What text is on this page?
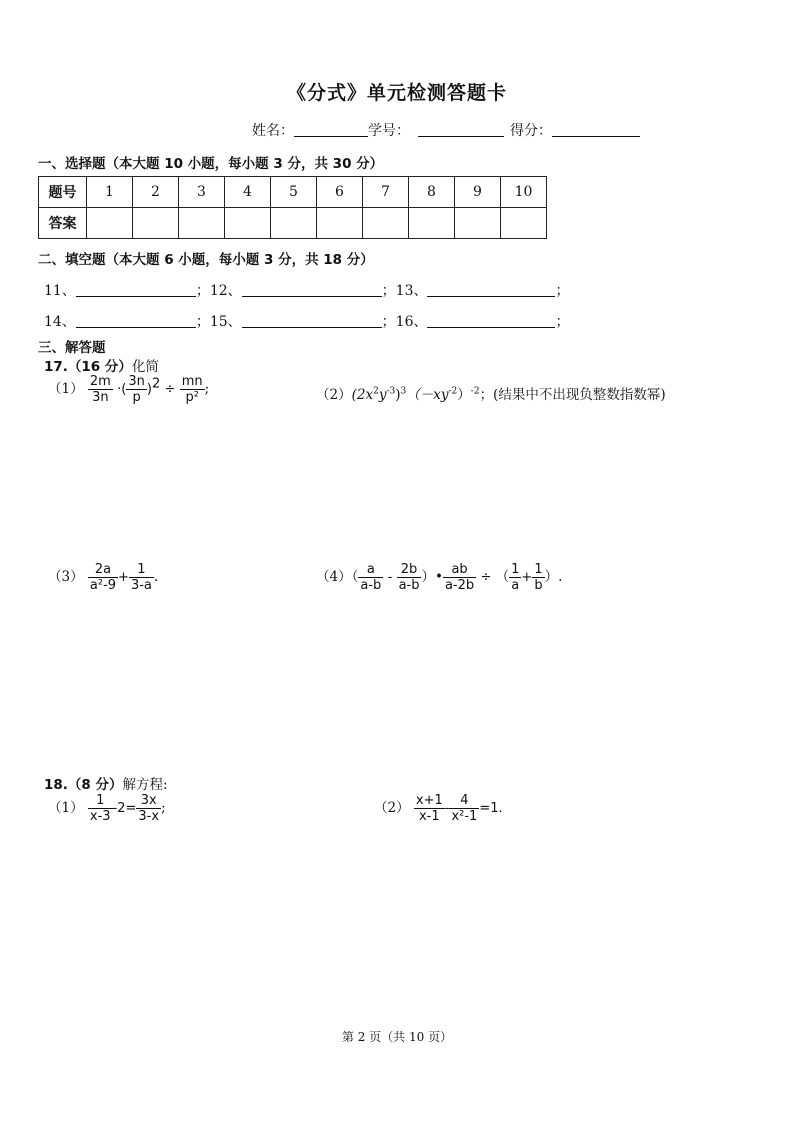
《分式》单元检测答题卡
姓名：	学号：	得分：
一、选择题（本大题 10 小题，每小题 3 分，共 30 分）
题号	1	2	3	4	5	6	7	8	9	10
答案										
二、填空题（本大题 6 小题，每小题 3 分，共 18 分）
11、	；12、	；13、	；
14、	；15、	；16、	；
三、解答题
17.（16 分）化简
$(1) \frac{2m}{3n}$ ·( $\frac{3n}{p} )^2 \div \frac{mn}{\text{p²}}$ ;	$(2)(2x^2y^{-3})^3(-xy^{-2})^{-2}$；(结果中不出现负整数指数幂)
$(3) \frac{2a}{\text{a²-9}} + \frac{1}{3-a}$ .	$(4)( \frac{a}{a-b} - \frac{2b}{a-b}$ ）• $\frac{ab}{a-2b}$ ÷ （ $\frac{1}{a} + \frac{1}{b}$ ）.
18.（8 分）解方程:
$(1) \frac{1}{x-3} -2= \frac{3x}{3-x}$ ;	$(2) \frac{x+1}{x-1} - \frac{4}{\text{x²-1}} =1$.
第 2 页（共 10 页）
